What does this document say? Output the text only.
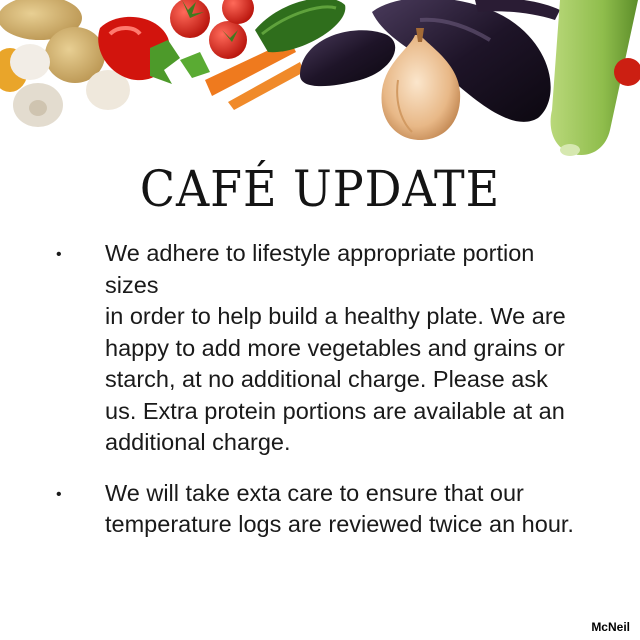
CAFÉ UPDATE
• We adhere to lifestyle appropriate portion sizes
in order to help build a healthy plate. We are
happy to add more vegetables and grains or
starch, at no additional charge. Please ask
us. Extra protein portions are available at an
additional charge.
• We will take exta care to ensure that our
temperature logs are reviewed twice an hour.
McNeil
